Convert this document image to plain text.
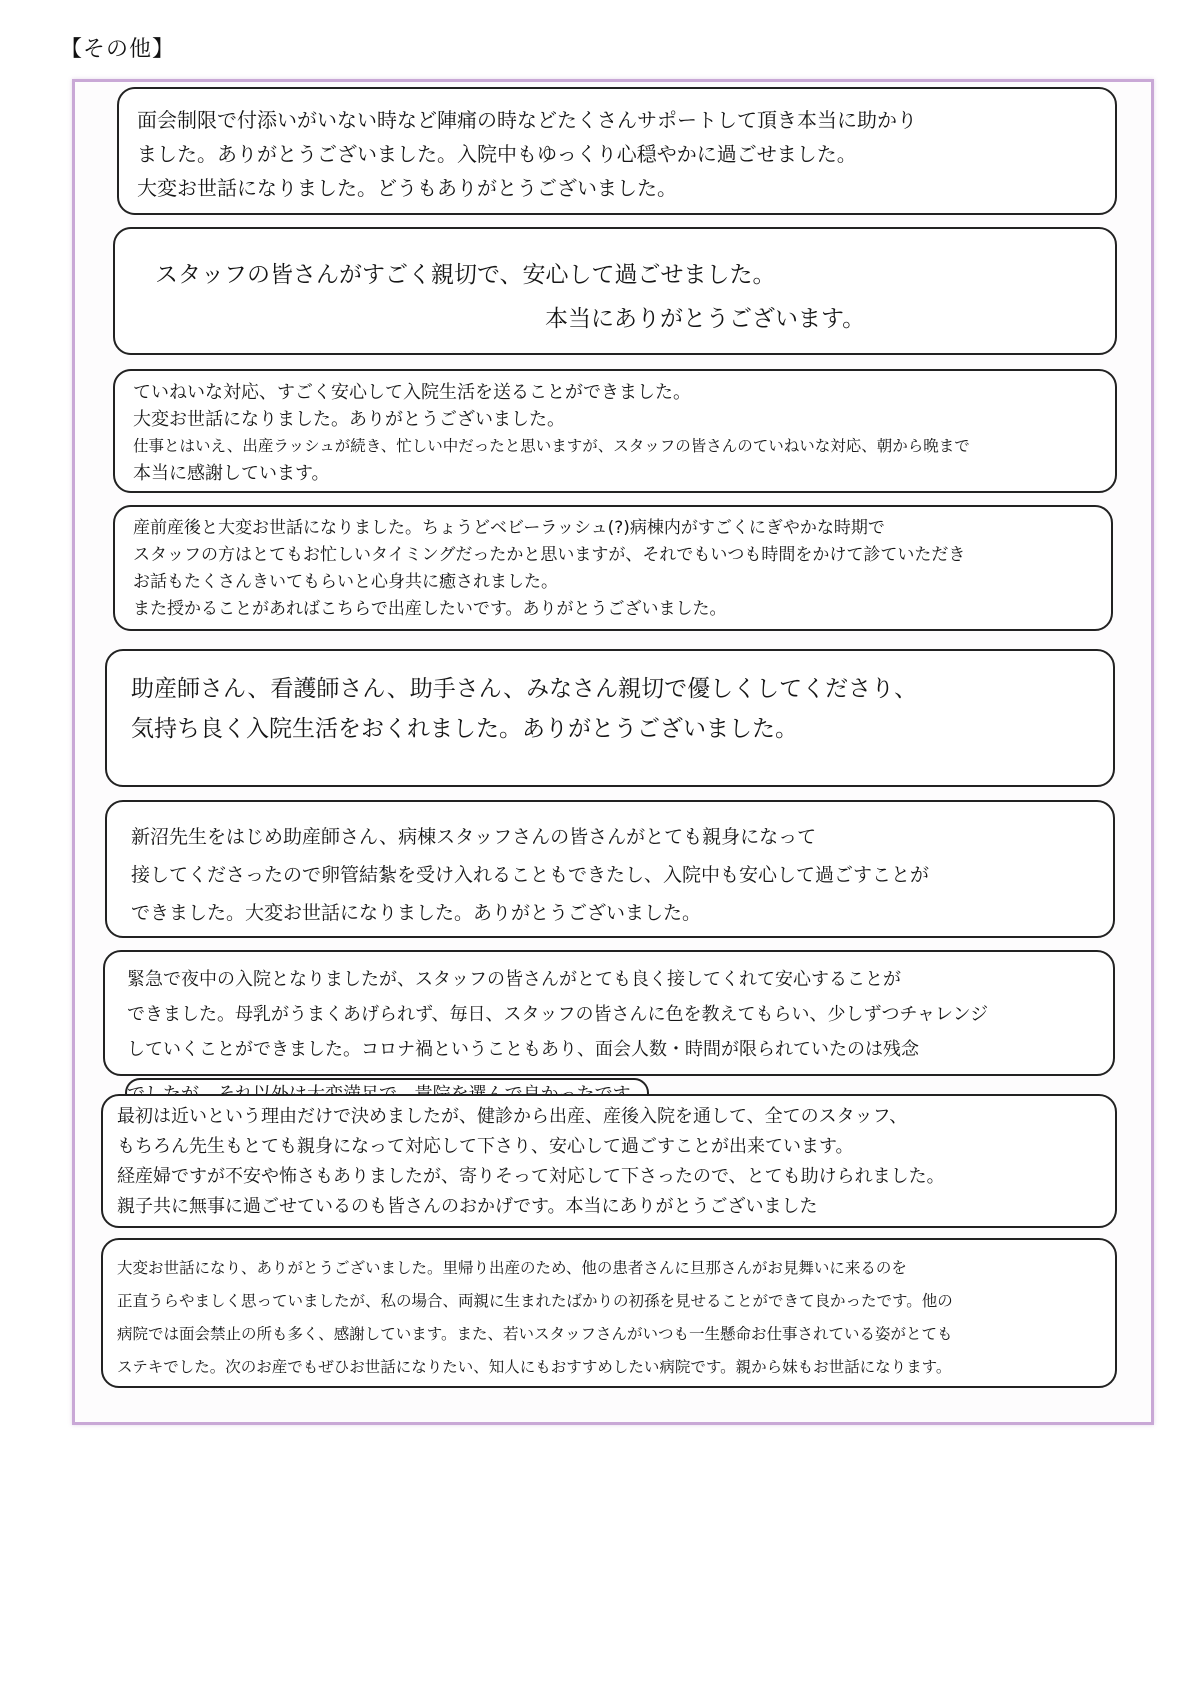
【その他】
面会制限で付添いがいない時など陣痛の時などたくさんサポートして頂き本当に助かり
ました。ありがとうございました。入院中もゆっくり心穏やかに過ごせました。
大変お世話になりました。どうもありがとうございました。
スタッフの皆さんがすごく親切で、安心して過ごせました。
本当にありがとうございます。
ていねいな対応、すごく安心して入院生活を送ることができました。
大変お世話になりました。ありがとうございました。
仕事とはいえ、出産ラッシュが続き、忙しい中だったと思いますが、スタッフの皆さんのていねいな対応、朝から晩まで
本当に感謝しています。
産前産後と大変お世話になりました。ちょうどベビーラッシュ(?)病棟内がすごくにぎやかな時期で
スタッフの方はとてもお忙しいタイミングだったかと思いますが、それでもいつも時間をかけて診ていただき
お話もたくさんきいてもらいと心身共に癒されました。
また授かることがあればこちらで出産したいです。ありがとうございました。
助産師さん、看護師さん、助手さん、みなさん親切で優しくしてくださり、
気持ち良く入院生活をおくれました。ありがとうございました。
新沼先生をはじめ助産師さん、病棟スタッフさんの皆さんがとても親身になって
接してくださったので卵管結紮を受け入れることもできたし、入院中も安心して過ごすことが
できました。大変お世話になりました。ありがとうございました。
緊急で夜中の入院となりましたが、スタッフの皆さんがとても良く接してくれて安心することが
できました。母乳がうまくあげられず、毎日、スタッフの皆さんに色を教えてもらい、少しずつチャレンジ
していくことができました。コロナ禍ということもあり、面会人数・時間が限られていたのは残念
最初は近いという理由だけで決めましたが、健診から出産、産後入院を通して、全てのスタッフ、
もちろん先生もとても親身になって対応して下さり、安心して過ごすことが出来ています。
経産婦ですが不安や怖さもありましたが、寄りそって対応して下さったので、とても助けられました。
親子共に無事に過ごせているのも皆さんのおかげです。本当にありがとうございました
大変お世話になり、ありがとうございました。里帰り出産のため、他の患者さんに旦那さんがお見舞いに来るのを
正直うらやましく思っていましたが、私の場合、両親に生まれたばかりの初孫を見せることができて良かったです。他の
病院では面会禁止の所も多く、感謝しています。また、若いスタッフさんがいつも一生懸命お仕事されている姿がとても
ステキでした。次のお産でもぜひお世話になりたい、知人にもおすすめしたい病院です。親から妹もお世話になります。
